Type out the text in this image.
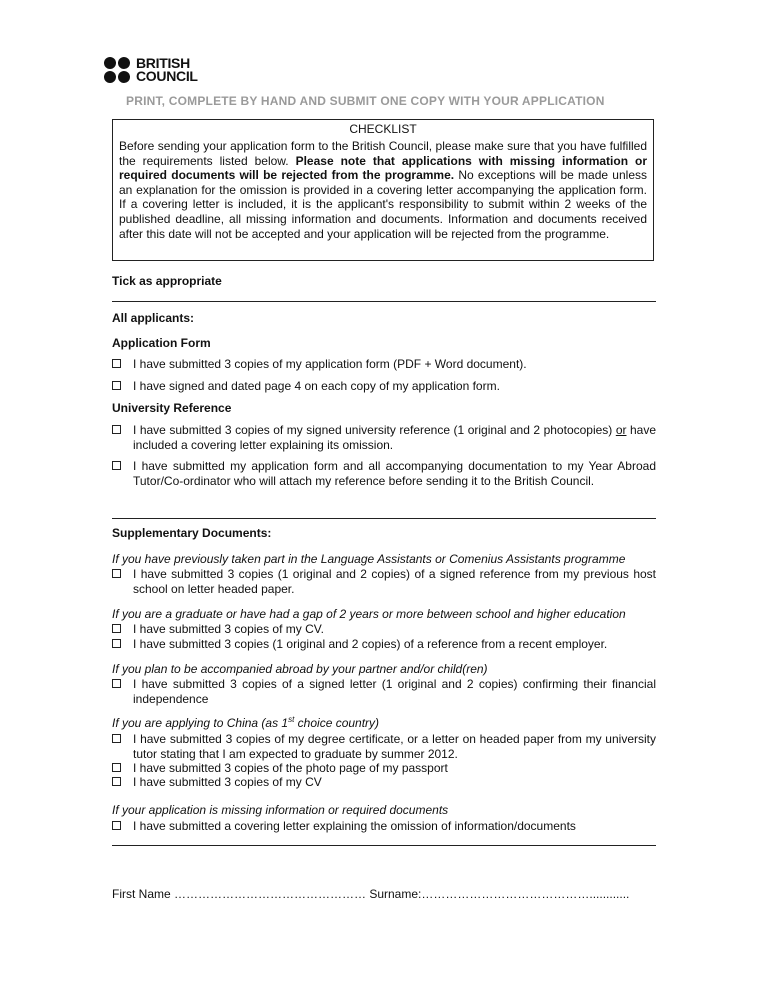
BRITISH
COUNCIL
PRINT, COMPLETE BY HAND AND SUBMIT ONE COPY WITH YOUR APPLICATION
CHECKLIST
Before sending your application form to the British Council, please make sure that you have fulfilled the requirements listed below. Please note that applications with missing information or required documents will be rejected from the programme. No exceptions will be made unless an explanation for the omission is provided in a covering letter accompanying the application form. If a covering letter is included, it is the applicant's responsibility to submit within 2 weeks of the published deadline, all missing information and documents. Information and documents received after this date will not be accepted and your application will be rejected from the programme.
Tick as appropriate
All applicants:
Application Form
I have submitted 3 copies of my application form (PDF + Word document).
I have signed and dated page 4 on each copy of my application form.
University Reference
I have submitted 3 copies of my signed university reference (1 original and 2 photocopies) or have included a covering letter explaining its omission.
I have submitted my application form and all accompanying documentation to my Year Abroad Tutor/Co-ordinator who will attach my reference before sending it to the British Council.
Supplementary Documents:
If you have previously taken part in the Language Assistants or Comenius Assistants programme
I have submitted 3 copies (1 original and 2 copies) of a signed reference from my previous host school on letter headed paper.
If you are a graduate or have had a gap of 2 years or more between school and higher education
I have submitted 3 copies of my CV.
I have submitted 3 copies (1 original and 2 copies) of a reference from a recent employer.
If you plan to be accompanied abroad by your partner and/or child(ren)
I have submitted 3 copies of a signed letter (1 original and 2 copies) confirming their financial independence
If you are applying to China (as 1st choice country)
I have submitted 3 copies of my degree certificate, or a letter on headed paper from my university tutor stating that I am expected to graduate by summer 2012.
I have submitted 3 copies of the photo page of my passport
I have submitted 3 copies of my CV
If your application is missing information or required documents
I have submitted a covering letter explaining the omission of information/documents
First Name ………………………………………… Surname:……………………………………............
